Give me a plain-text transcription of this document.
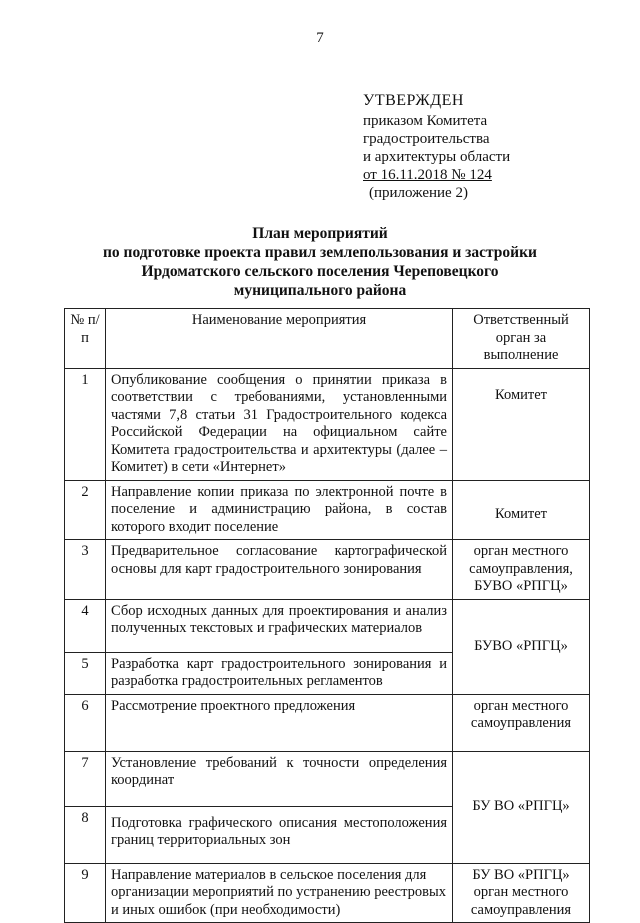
7
УТВЕРЖДЕН
приказом Комитета
градостроительства
и архитектуры области
от 16.11.2018 № 124
(приложение 2)
План мероприятий
по подготовке проекта правил землепользования и застройки
Ирдоматского сельского поселения Череповецкого
муниципального района
№ п/п	Наименование мероприятия	Ответственный орган за выполнение
1	Опубликование сообщения о принятии приказа в соответствии с требованиями, установленными частями 7,8 статьи 31 Градостроительного кодекса Российской Федерации на официальном сайте Комитета градостроительства и архитектуры (далее – Комитет) в сети «Интернет»	Комитет
2	Направление копии приказа по электронной почте в поселение и администрацию района, в состав которого входит поселение	Комитет
3	Предварительное согласование картографической основы для карт градостроительного зонирования	орган местного самоуправления, БУВО «РПГЦ»
4	Сбор исходных данных для проектирования и анализ полученных текстовых и графических материалов	БУВО «РПГЦ»
5	Разработка карт градостроительного зонирования и разработка градостроительных регламентов	
6	Рассмотрение проектного предложения	орган местного самоуправления
7	Установление требований к точности определения координат	БУ ВО «РПГЦ»
8	Подготовка графического описания местоположения границ территориальных зон	
9	Направление материалов в сельское поселения для организации мероприятий по устранению реестровых и иных ошибок (при необходимости)	БУ ВО «РПГЦ» орган местного самоуправления
